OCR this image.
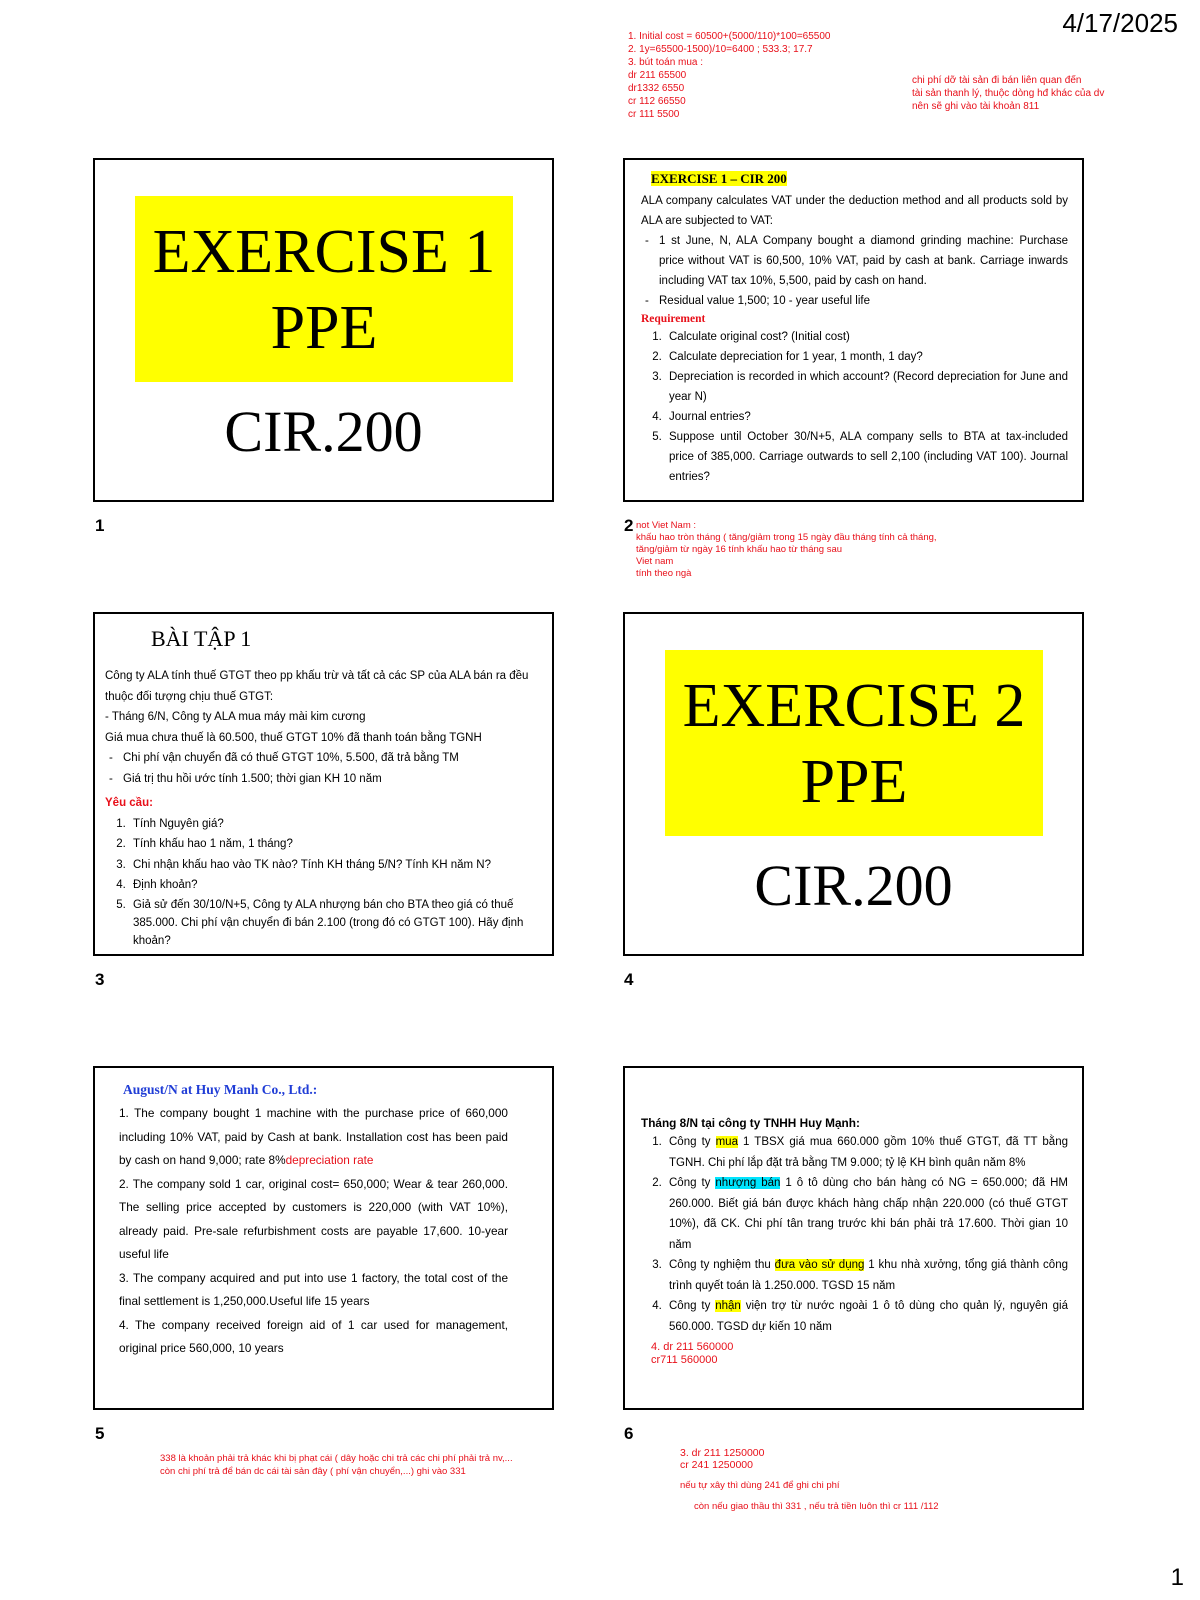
4/17/2025
1. Initial cost = 60500+(5000/110)*100=65500
2. 1y=65500-1500)/10=6400 ; 533.3; 17.7
3. bút toán mua :
dr 211 65500
dr1332 6550
cr 112 66550
cr 111 5500
chi phí dỡ tài sản đi bán liên quan đến
tài sản thanh lý, thuộc dòng hđ khác của dv
nên sẽ ghi vào tài khoản 811
EXERCISE 1
PPE
CIR.200
1
EXERCISE 1 – CIR 200

ALA company calculates VAT under the deduction method and all products sold by ALA are subjected to VAT:

- 1 st June, N, ALA Company bought a diamond grinding machine: Purchase price without VAT is 60,500, 10% VAT, paid by cash at bank. Carriage inwards including VAT tax 10%, 5,500, paid by cash on hand.
- Residual value 1,500; 10 - year useful life
Requirement
1. Calculate original cost? (Initial cost)
2. Calculate depreciation for 1 year, 1 month, 1 day?
3. Depreciation is recorded in which account? (Record depreciation for June and year N)
4. Journal entries?
5. Suppose until October 30/N+5, ALA company sells to BTA at tax-included price of 385,000. Carriage outwards to sell 2,100 (including VAT 100). Journal entries?
2 not Viet Nam :
khấu hao tròn tháng ( tăng/giảm trong 15 ngày đầu tháng tính cả tháng,
tăng/giảm từ ngày 16 tính khấu hao từ tháng sau
Viet nam
tính theo ngà
BÀI TẬP 1

Công ty ALA tính thuế GTGT theo pp khấu trừ và tất cả các SP của ALA bán ra đều thuộc đối tượng chịu thuế GTGT:

- Tháng 6/N, Công ty ALA mua máy mài kim cương

Giá mua chưa thuế là 60.500, thuế GTGT 10% đã thanh toán bằng TGNH

- Chi phí vận chuyển đã có thuế GTGT 10%, 5.500, đã trả bằng TM
- Giá trị thu hồi ước tính 1.500; thời gian KH 10 năm
Yêu cầu:
1. Tính Nguyên giá?
2. Tính khấu hao 1 năm, 1 tháng?
3. Chi nhận khấu hao vào TK nào? Tính KH tháng 5/N? Tính KH năm N?
4. Định khoản?
5. Giả sử đến 30/10/N+5, Công ty ALA nhượng bán cho BTA theo giá có thuế 385.000. Chi phí vận chuyển đi bán 2.100 (trong đó có GTGT 100). Hãy định khoản?
3
EXERCISE 2
PPE
CIR.200
4
August/N at Huy Manh Co., Ltd.:

1. The company bought 1 machine with the purchase price of 660,000 including 10% VAT, paid by Cash at bank. Installation cost has been paid by cash on hand 9,000; rate 8%depreciation rate

2. The company sold 1 car, original cost= 650,000; Wear & tear 260,000. The selling price accepted by customers is 220,000 (with VAT 10%), already paid. Pre-sale refurbishment costs are payable 17,600. 10-year useful life

3. The company acquired and put into use 1 factory, the total cost of the final settlement is 1,250,000.Useful life 15 years

4. The company received foreign aid of 1 car used for management, original price 560,000, 10 years

5
338 là khoản phải trả khác khi bị phạt cái ( dây hoặc chi trả các chi phí phải trả nv,...
còn chi phí trả để bán dc cái tài sản đây ( phí vận chuyển,...) ghi vào 331
Tháng 8/N tại công ty TNHH Huy Mạnh:
1. Công ty mua 1 TBSX giá mua 660.000 gồm 10% thuế GTGT, đã TT bằng TGNH. Chi phí lắp đặt trả bằng TM 9.000; tỷ lệ KH bình quân năm 8%
2. Công ty nhượng bán 1 ô tô dùng cho bán hàng có NG = 650.000; đã HM 260.000. Biết giá bán được khách hàng chấp nhận 220.000 (có thuế GTGT 10%), đã CK. Chi phí tân trang trước khi bán phải trả 17.600. Thời gian 10 năm
3. Công ty nghiệm thu đưa vào sử dụng 1 khu nhà xưởng, tổng giá thành công trình quyết toán là 1.250.000. TGSD 15 năm
4. Công ty nhận viện trợ từ nước ngoài 1 ô tô dùng cho quản lý, nguyên giá 560.000. TGSD dự kiến 10 năm
4. dr 211 560000
cr711 560000
6
3. dr 211 1250000
cr 241 1250000
nếu tự xây thì dùng 241 để ghi chi phí
còn nếu giao thầu thì 331 , nếu trả tiền luôn thì cr 111 /112
1
